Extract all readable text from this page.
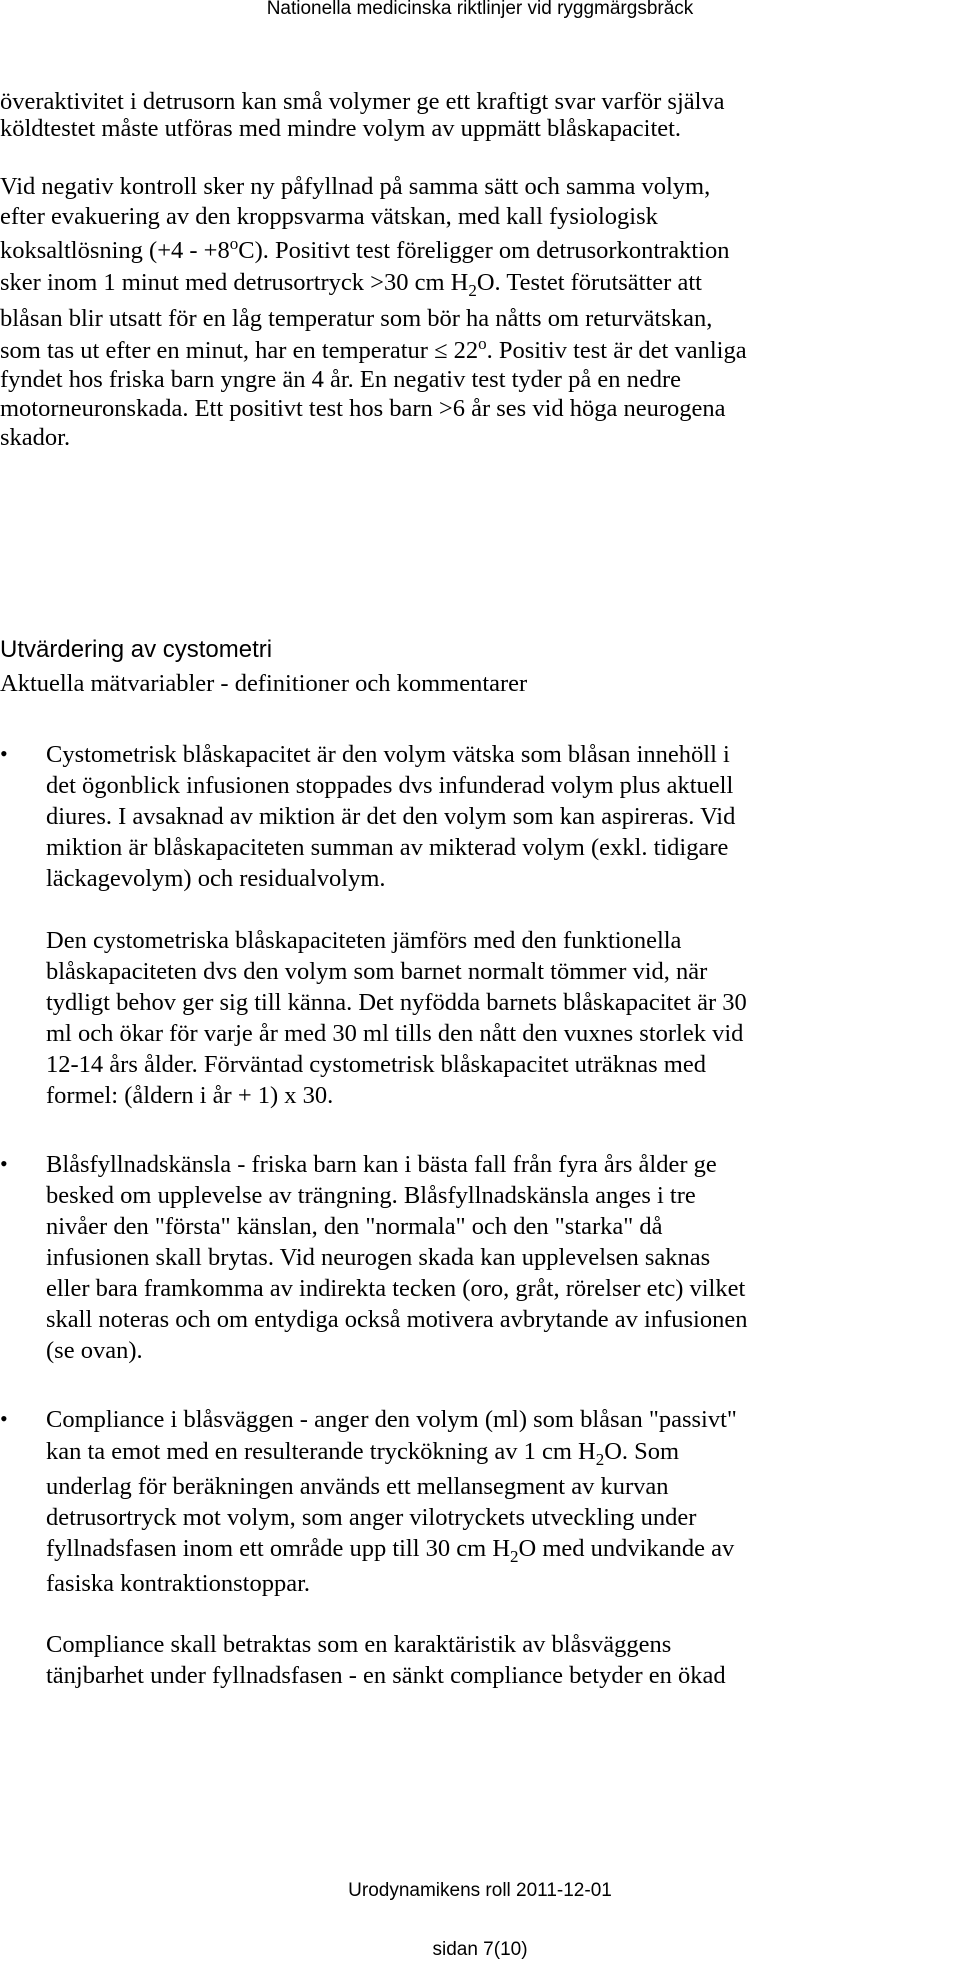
Nationella medicinska riktlinjer vid ryggmärgsbråck
överaktivitet i detrusorn kan små volymer ge ett kraftigt svar varför själva
köldtestet måste utföras med mindre volym av uppmätt blåskapacitet.
Vid negativ kontroll sker ny påfyllnad på samma sätt och samma volym,
efter evakuering av den kroppsvarma vätskan, med kall fysiologisk
koksaltlösning $(+4 - +8^oC)$. Positivt test föreligger om detrusorkontraktion
sker inom 1 minut med detrusortryck >30 cm $H_2O$. Testet förutsätter att
blåsan blir utsatt för en låg temperatur som bör ha nåtts om returvätskan,
som tas ut efter en minut, har en temperatur ≤ $22^o$. Positiv test är det vanliga
fyndet hos friska barn yngre än 4 år. En negativ test tyder på en nedre
motorneuronskada. Ett positivt test hos barn >6 år ses vid höga neurogena
skador.
Utvärdering av cystometri
Aktuella mätvariabler - definitioner och kommentarer
• Cystometrisk blåskapacitet är den volym vätska som blåsan innehöll i
det ögonblick infusionen stoppades dvs infunderad volym plus aktuell
diures. I avsaknad av miktion är det den volym som kan aspireras. Vid
miktion är blåskapaciteten summan av mikterad volym (exkl. tidigare
läckagevolym) och residualvolym.
Den cystometriska blåskapaciteten jämförs med den funktionella
blåskapaciteten dvs den volym som barnet normalt tömmer vid, när
tydligt behov ger sig till känna. Det nyfödda barnets blåskapacitet är 30
ml och ökar för varje år med 30 ml tills den nått den vuxnes storlek vid
12-14 års ålder. Förväntad cystometrisk blåskapacitet uträknas med
formel: (åldern i år + 1) x 30.
• Blåsfyllnadskänsla - friska barn kan i bästa fall från fyra års ålder ge
besked om upplevelse av trängning. Blåsfyllnadskänsla anges i tre
nivåer den "första" känslan, den "normala" och den "starka" då
infusionen skall brytas. Vid neurogen skada kan upplevelsen saknas
eller bara framkomma av indirekta tecken (oro, gråt, rörelser etc) vilket
skall noteras och om entydiga också motivera avbrytande av infusionen
(se ovan).
• Compliance i blåsväggen - anger den volym (ml) som blåsan "passivt"
kan ta emot med en resulterande tryckökning av 1 cm $H_2O$. Som
underlag för beräkningen används ett mellansegment av kurvan
detrusortryck mot volym, som anger vilotryckets utveckling under
fyllnadsfasen inom ett område upp till 30 cm $H_2O$ med undvikande av
fasiska kontraktionstoppar.
Compliance skall betraktas som en karaktäristik av blåsväggens
tänjbarhet under fyllnadsfasen - en sänkt compliance betyder en ökad
Urodynamikens roll 2011-12-01
sidan 7(10)
